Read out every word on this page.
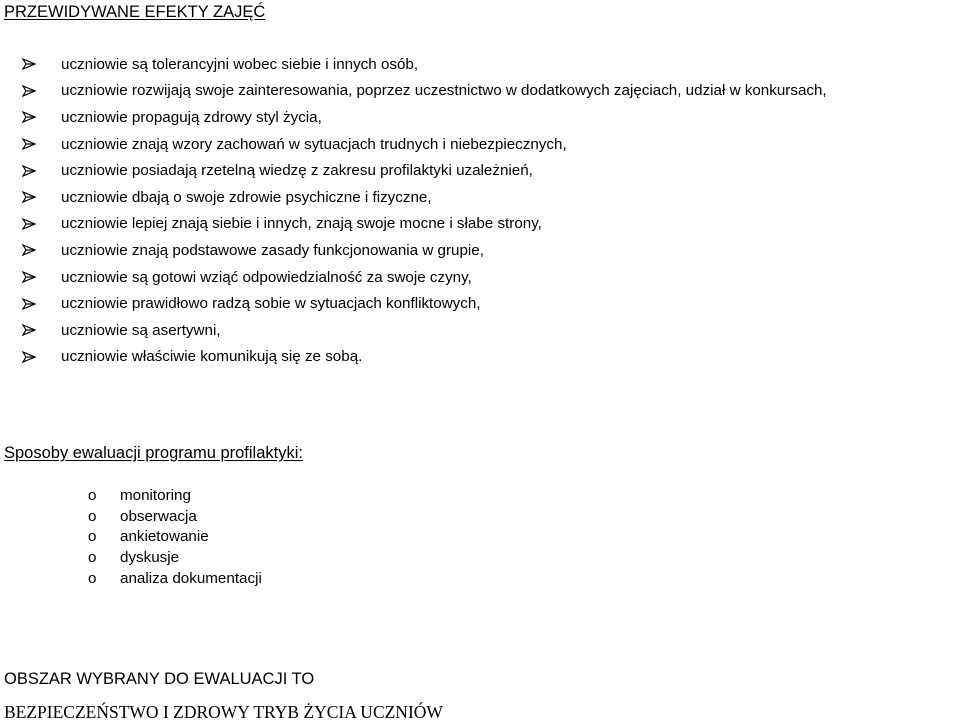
PRZEWIDYWANE EFEKTY ZAJĘĆ
uczniowie są tolerancyjni wobec siebie i innych osób,
uczniowie rozwijają swoje zainteresowania, poprzez uczestnictwo w dodatkowych zajęciach, udział w konkursach,
uczniowie propagują zdrowy styl życia,
uczniowie znają wzory zachowań w sytuacjach trudnych i niebezpiecznych,
uczniowie posiadają rzetelną wiedzę z zakresu profilaktyki uzależnień,
uczniowie dbają o swoje zdrowie psychiczne i fizyczne,
uczniowie lepiej znają siebie i innych, znają swoje mocne i słabe strony,
uczniowie znają podstawowe zasady funkcjonowania w grupie,
uczniowie są gotowi wziąć odpowiedzialność za swoje czyny,
uczniowie prawidłowo radzą sobie w sytuacjach konfliktowych,
uczniowie są asertywni,
uczniowie właściwie komunikują się ze sobą.
Sposoby ewaluacji programu profilaktyki:
o	monitoring
o	obserwacja
o	ankietowanie
o	dyskusje
o	analiza dokumentacji
OBSZAR WYBRANY DO EWALUACJI TO
BEZPIECZEŃSTWO I ZDROWY TRYB ŻYCIA UCZNIÓW
